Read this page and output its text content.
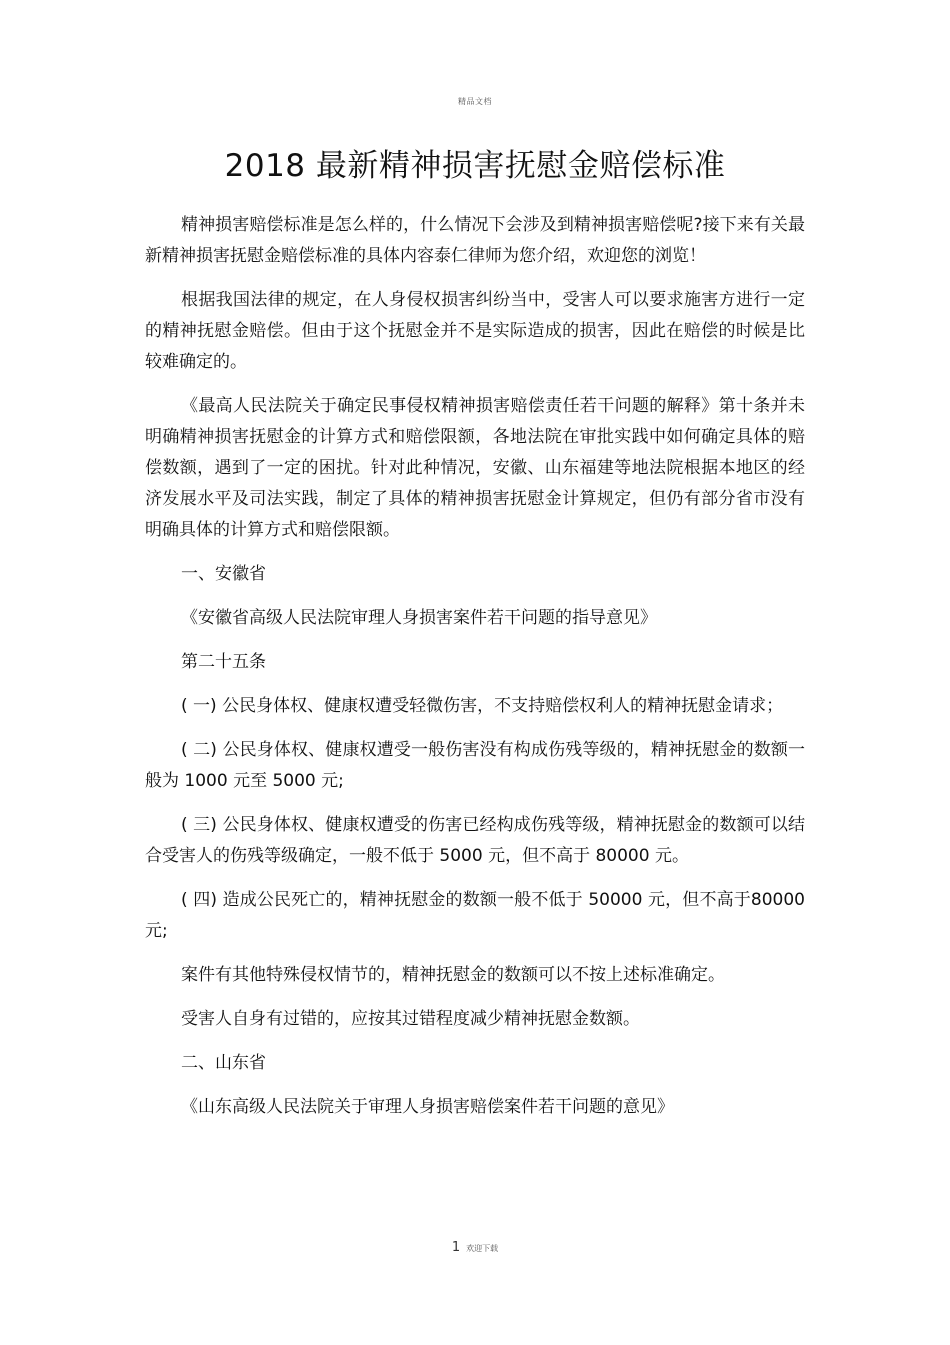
精品文档
2018 最新精神损害抚慰金赔偿标准

精神损害赔偿标准是怎么样的，什么情况下会涉及到精神损害赔偿呢?接下来有关最新精神损害抚慰金赔偿标准的具体内容泰仁律师为您介绍，欢迎您的浏览！

根据我国法律的规定，在人身侵权损害纠纷当中，受害人可以要求施害方进行一定的精神抚慰金赔偿。但由于这个抚慰金并不是实际造成的损害，因此在赔偿的时候是比较难确定的。

《最高人民法院关于确定民事侵权精神损害赔偿责任若干问题的解释》第十条并未明确精神损害抚慰金的计算方式和赔偿限额，各地法院在审批实践中如何确定具体的赔偿数额，遇到了一定的困扰。针对此种情况，安徽、山东福建等地法院根据本地区的经济发展水平及司法实践，制定了具体的精神损害抚慰金计算规定，但仍有部分省市没有明确具体的计算方式和赔偿限额。

一、安徽省

《安徽省高级人民法院审理人身损害案件若干问题的指导意见》

第二十五条

( 一) 公民身体权、健康权遭受轻微伤害，不支持赔偿权利人的精神抚慰金请求；

( 二) 公民身体权、健康权遭受一般伤害没有构成伤残等级的，精神抚慰金的数额一般为 1000 元至 5000 元;

( 三) 公民身体权、健康权遭受的伤害已经构成伤残等级，精神抚慰金的数额可以结合受害人的伤残等级确定，一般不低于 5000 元，但不高于 80000 元。

( 四) 造成公民死亡的，精神抚慰金的数额一般不低于 50000 元，但不高于80000 元;

案件有其他特殊侵权情节的，精神抚慰金的数额可以不按上述标准确定。

受害人自身有过错的，应按其过错程度减少精神抚慰金数额。

二、山东省

《山东高级人民法院关于审理人身损害赔偿案件若干问题的意见》

1 欢迎下载
